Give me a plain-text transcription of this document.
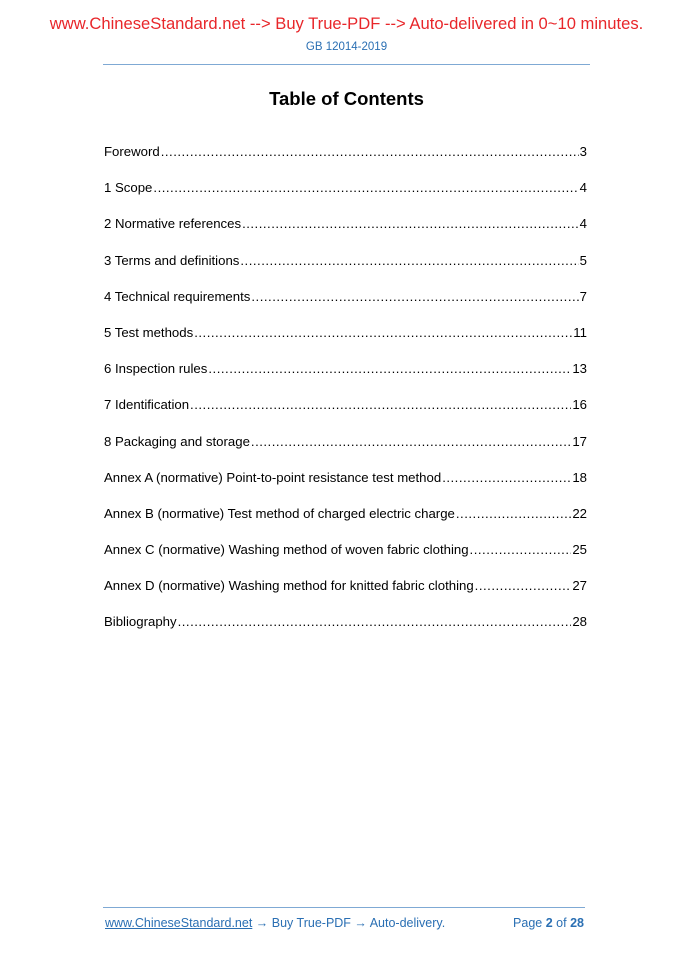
www.ChineseStandard.net --> Buy True-PDF --> Auto-delivered in 0~10 minutes.
GB 12014-2019
Table of Contents
Foreword .....	3
1 Scope .....	4
2 Normative references .....	4
3 Terms and definitions .....	5
4 Technical requirements .....	7
5 Test methods .....	11
6 Inspection rules .....	13
7 Identification .....	16
8 Packaging and storage .....	17
Annex A (normative) Point-to-point resistance test method .....	18
Annex B (normative) Test method of charged electric charge .....	22
Annex C (normative) Washing method of woven fabric clothing .....	25
Annex D (normative) Washing method for knitted fabric clothing .....	27
Bibliography .....	28
www.ChineseStandard.net → Buy True-PDF → Auto-delivery.	Page 2 of 28
